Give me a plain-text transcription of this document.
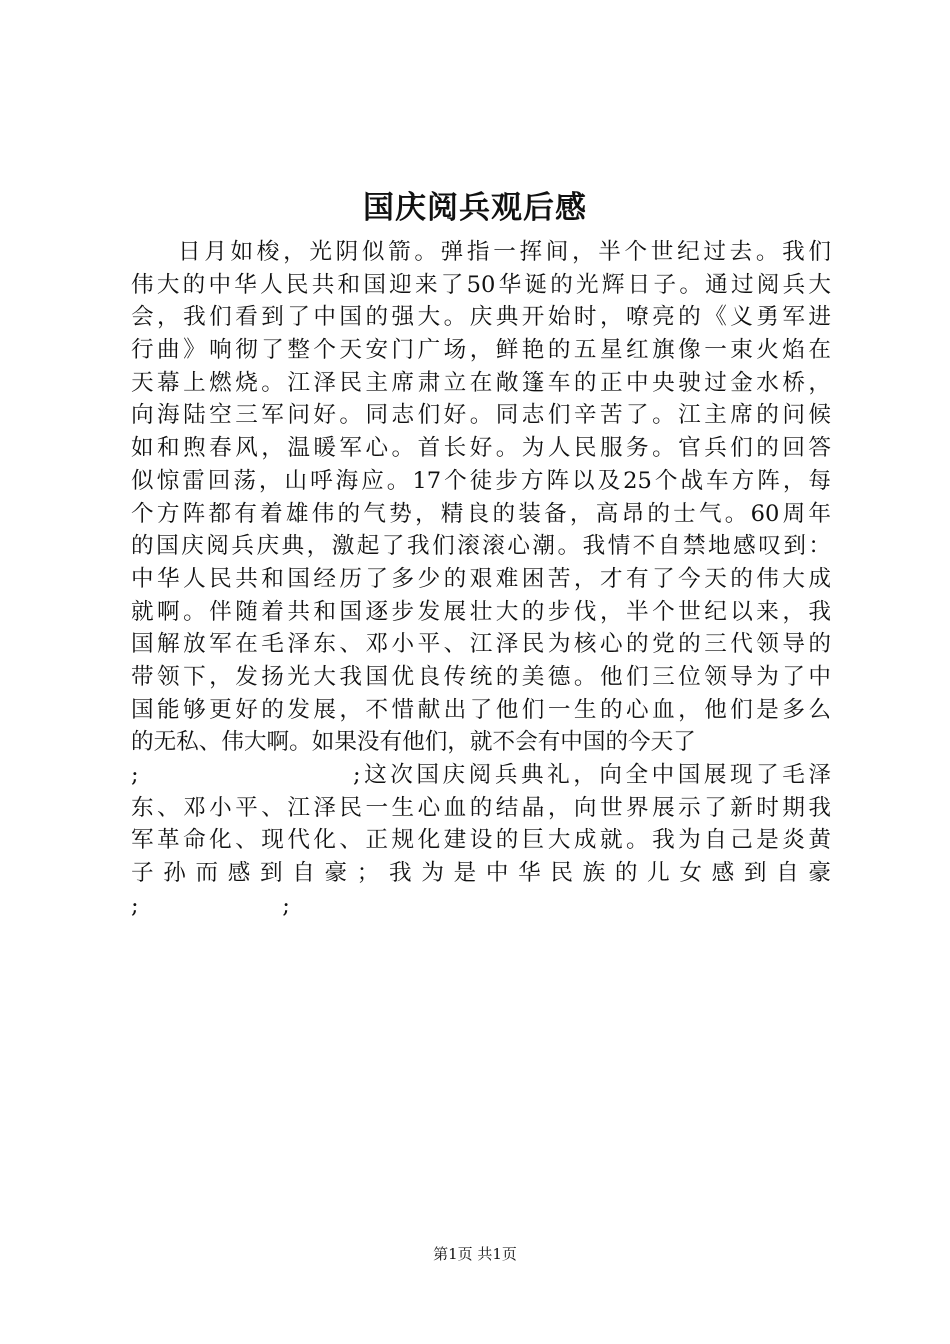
国庆阅兵观后感
日月如梭，光阴似箭。弹指一挥间，半个世纪过去。我们
伟大的中华人民共和国迎来了50华诞的光辉日子。通过阅兵大
会，我们看到了中国的强大。庆典开始时，嘹亮的《义勇军进
行曲》响彻了整个天安门广场，鲜艳的五星红旗像一束火焰在
天幕上燃烧。江泽民主席肃立在敞篷车的正中央驶过金水桥，
向海陆空三军问好。同志们好。同志们辛苦了。江主席的问候
如和煦春风，温暖军心。首长好。为人民服务。官兵们的回答
似惊雷回荡，山呼海应。17个徒步方阵以及25个战车方阵，每
个方阵都有着雄伟的气势，精良的装备，高昂的士气。60周年
的国庆阅兵庆典，激起了我们滚滚心潮。我情不自禁地感叹到：
中华人民共和国经历了多少的艰难困苦，才有了今天的伟大成
就啊。伴随着共和国逐步发展壮大的步伐，半个世纪以来，我
国解放军在毛泽东、邓小平、江泽民为核心的党的三代领导的
带领下，发扬光大我国优良传统的美德。他们三位领导为了中
国能够更好的发展，不惜献出了他们一生的心血，他们是多么
的无私、伟大啊。如果没有他们，就不会有中国的今天了
;                    ;这次国庆阅兵典礼，向全中国展现了毛泽
东、邓小平、江泽民一生心血的结晶，向世界展示了新时期我
军革命化、现代化、正规化建设的巨大成就。我为自己是炎黄
子孙而感到自豪；我为是中华民族的儿女感到自豪
;                    ;
第1页 共1页
